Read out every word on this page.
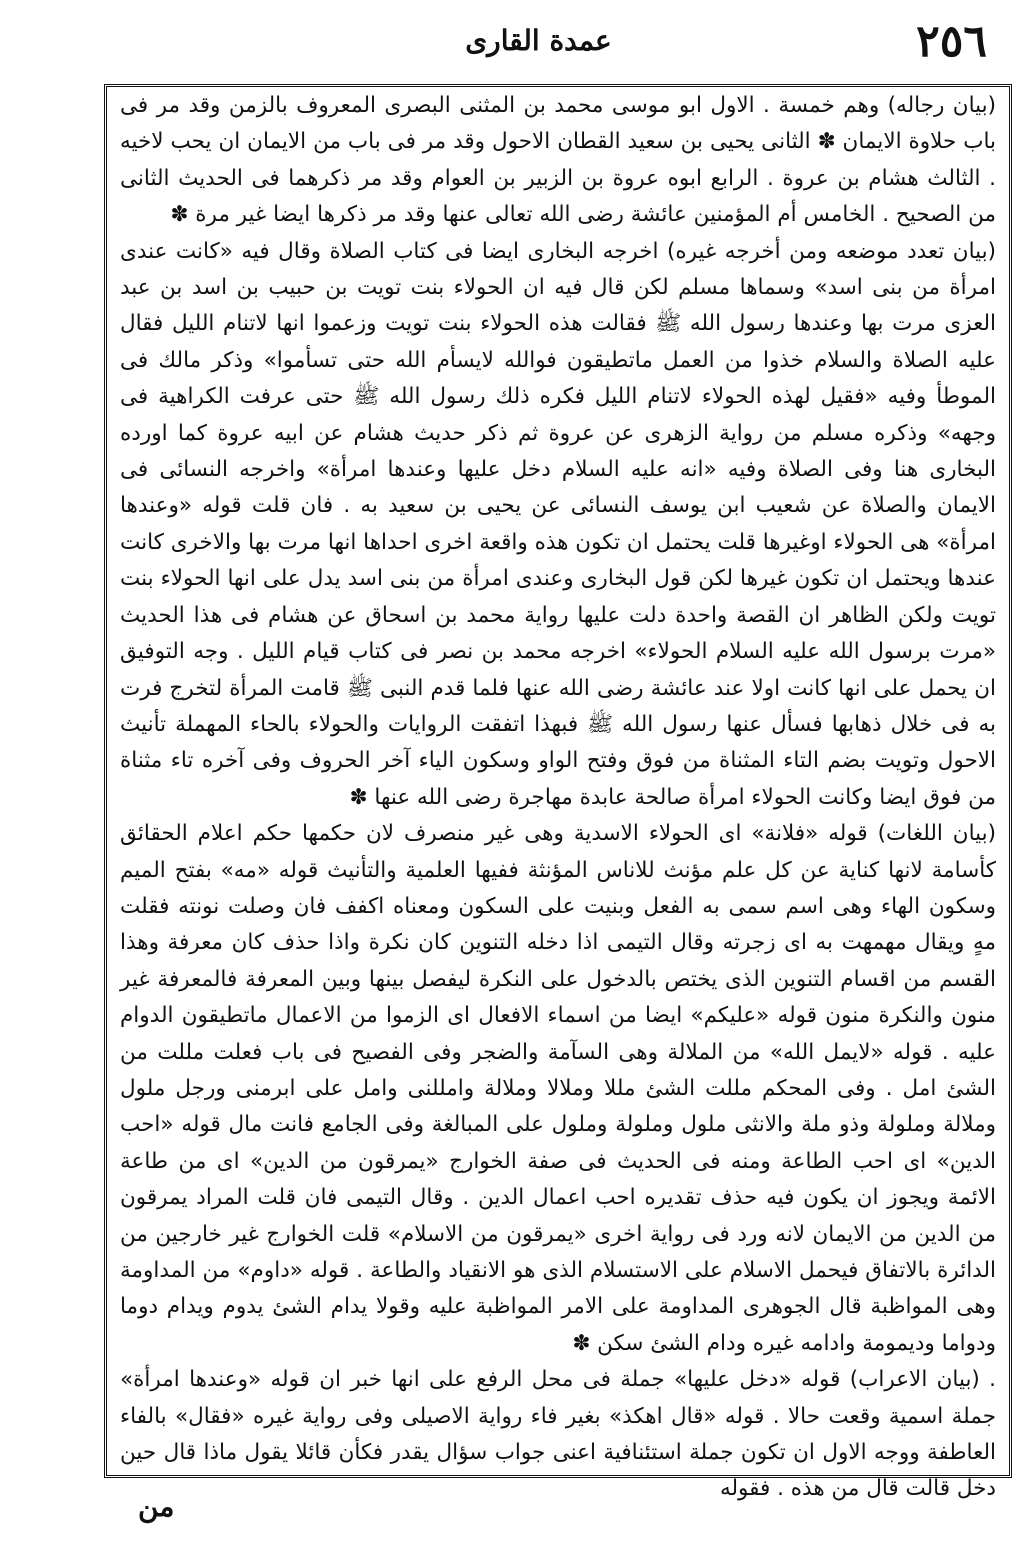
٢٥٦
عمدة القارى

(بيان رجاله) وهم خمسة . الاول ابو موسى محمد بن المثنى البصرى المعروف بالزمن وقد مر فى باب حلاوة الايمان ✽ الثانى يحيى بن سعيد القطان الاحول وقد مر فى باب من الايمان ان يحب لاخيه . الثالث هشام بن عروة . الرابع ابوه عروة بن الزبير بن العوام وقد مر ذكرهما فى الحديث الثانى من الصحيح . الخامس أم المؤمنين عائشة رضى الله تعالى عنها وقد مر ذكرها ايضا غير مرة ✽

(بيان تعدد موضعه ومن أخرجه غيره) اخرجه البخارى ايضا فى كتاب الصلاة وقال فيه «كانت عندى امرأة من بنى اسد» وسماها مسلم لكن قال فيه ان الحولاء بنت تويت بن حبيب بن اسد بن عبد العزى مرت بها وعندها رسول الله ﷺ فقالت هذه الحولاء بنت تويت وزعموا انها لاتنام الليل فقال عليه الصلاة والسلام خذوا من العمل ماتطيقون فوالله لايسأم الله حتى تسأموا» وذكر مالك فى الموطأ وفيه «فقيل لهذه الحولاء لاتنام الليل فكره ذلك رسول الله ﷺ حتى عرفت الكراهية فى وجهه» وذكره مسلم من رواية الزهرى عن عروة ثم ذكر حديث هشام عن ابيه عروة كما اورده البخارى هنا وفى الصلاة وفيه «انه عليه السلام دخل عليها وعندها امرأة» واخرجه النسائى فى الايمان والصلاة عن شعيب ابن يوسف النسائى عن يحيى بن سعيد به . فان قلت قوله «وعندها امرأة» هى الحولاء اوغيرها قلت يحتمل ان تكون هذه واقعة اخرى احداها انها مرت بها والاخرى كانت عندها ويحتمل ان تكون غيرها لكن قول البخارى وعندى امرأة من بنى اسد يدل على انها الحولاء بنت تويت ولكن الظاهر ان القصة واحدة دلت عليها رواية محمد بن اسحاق عن هشام فى هذا الحديث «مرت برسول الله عليه السلام الحولاء» اخرجه محمد بن نصر فى كتاب قيام الليل . وجه التوفيق ان يحمل على انها كانت اولا عند عائشة رضى الله عنها فلما قدم النبى ﷺ قامت المرأة لتخرج فرت به فى خلال ذهابها فسأل عنها رسول الله ﷺ فبهذا اتفقت الروايات والحولاء بالحاء المهملة تأنيث الاحول وتويت بضم التاء المثناة من فوق وفتح الواو وسكون الياء آخر الحروف وفى آخره تاء مثناة من فوق ايضا وكانت الحولاء امرأة صالحة عابدة مهاجرة رضى الله عنها ✽

(بيان اللغات) قوله «فلانة» اى الحولاء الاسدية وهى غير منصرف لان حكمها حكم اعلام الحقائق كأسامة لانها كناية عن كل علم مؤنث للاناس المؤنثة ففيها العلمية والتأنيث قوله «مه» بفتح الميم وسكون الهاء وهى اسم سمى به الفعل وبنيت على السكون ومعناه اكفف فان وصلت نونته فقلت مهٍ ويقال مهمهت به اى زجرته وقال التيمى اذا دخله التنوين كان نكرة واذا حذف كان معرفة وهذا القسم من اقسام التنوين الذى يختص بالدخول على النكرة ليفصل بينها وبين المعرفة فالمعرفة غير منون والنكرة منون قوله «عليكم» ايضا من اسماء الافعال اى الزموا من الاعمال ماتطيقون الدوام عليه . قوله «لايمل الله» من الملالة وهى السآمة والضجر وفى الفصيح فى باب فعلت مللت من الشئ امل . وفى المحكم مللت الشئ مللا وملالا وملالة وامللنى وامل على ابرمنى ورجل ملول وملالة وملولة وذو ملة والانثى ملول وملولة وملول على المبالغة وفى الجامع فانت مال قوله «احب الدين» اى احب الطاعة ومنه فى الحديث فى صفة الخوارج «يمرقون من الدين» اى من طاعة الائمة ويجوز ان يكون فيه حذف تقديره احب اعمال الدين . وقال التيمى فان قلت المراد يمرقون من الدين من الايمان لانه ورد فى رواية اخرى «يمرقون من الاسلام» قلت الخوارج غير خارجين من الدائرة بالاتفاق فيحمل الاسلام على الاستسلام الذى هو الانقياد والطاعة . قوله «داوم» من المداومة وهى المواظبة قال الجوهرى المداومة على الامر المواظبة عليه وقولا يدام الشئ يدوم ويدام دوما ودواما وديمومة وادامه غيره ودام الشئ سكن ✽

. (بيان الاعراب) قوله «دخل عليها» جملة فى محل الرفع على انها خبر ان قوله «وعندها امرأة» جملة اسمية وقعت حالا . قوله «قال اهكذ» بغير فاء رواية الاصيلى وفى رواية غيره «فقال» بالفاء العاطفة ووجه الاول ان تكون جملة استئنافية اعنى جواب سؤال يقدر فكأن قائلا يقول ماذا قال حين دخل قالت قال من هذه . فقوله

من
